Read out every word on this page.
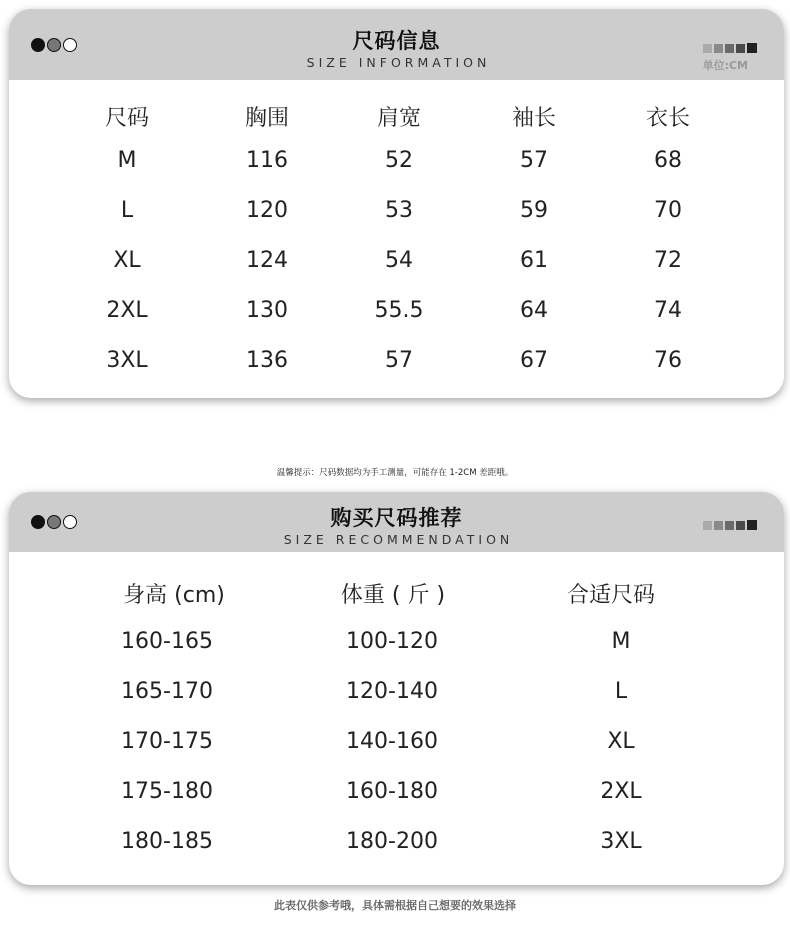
尺码信息
SIZE INFORMATION	单位:CM
尺码	胸围	肩宽	袖长	衣长
M	116	52	57	68
L	120	53	59	70
XL	124	54	61	72
2XL	130	55.5	64	74
3XL	136	57	67	76
温馨提示：尺码数据均为手工测量，可能存在 1-2CM 差距哦。
购买尺码推荐
SIZE RECOMMENDATION
身高 (cm)	体重 ( 斤 )	合适尺码
160-165	100-120	M
165-170	120-140	L
170-175	140-160	XL
175-180	160-180	2XL
180-185	180-200	3XL
此表仅供参考哦，具体需根据自己想要的效果选择
